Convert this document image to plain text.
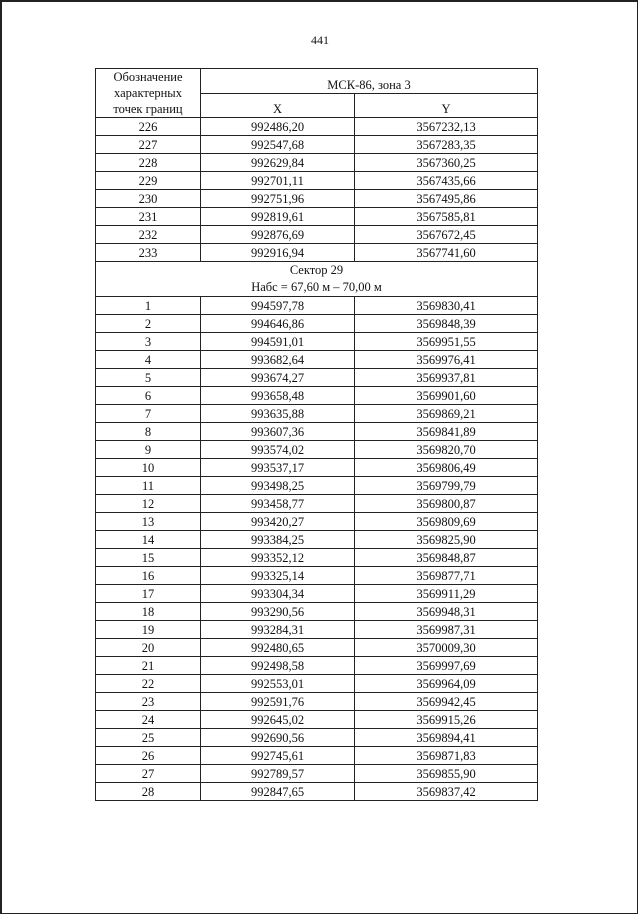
441
Обозначение
характерных
точек границ	МСК-86, зона 3	
	X	Y
226	992486,20	3567232,13
227	992547,68	3567283,35
228	992629,84	3567360,25
229	992701,11	3567435,66
230	992751,96	3567495,86
231	992819,61	3567585,81
232	992876,69	3567672,45
233	992916,94	3567741,60

Сектор 29
Набс = 67,60 м – 70,00 м		

1	994597,78	3569830,41
2	994646,86	3569848,39
3	994591,01	3569951,55
4	993682,64	3569976,41
5	993674,27	3569937,81
6	993658,48	3569901,60
7	993635,88	3569869,21
8	993607,36	3569841,89
9	993574,02	3569820,70
10	993537,17	3569806,49
11	993498,25	3569799,79
12	993458,77	3569800,87
13	993420,27	3569809,69
14	993384,25	3569825,90
15	993352,12	3569848,87
16	993325,14	3569877,71
17	993304,34	3569911,29
18	993290,56	3569948,31
19	993284,31	3569987,31
20	992480,65	3570009,30
21	992498,58	3569997,69
22	992553,01	3569964,09
23	992591,76	3569942,45
24	992645,02	3569915,26
25	992690,56	3569894,41
26	992745,61	3569871,83
27	992789,57	3569855,90
28	992847,65	3569837,42
